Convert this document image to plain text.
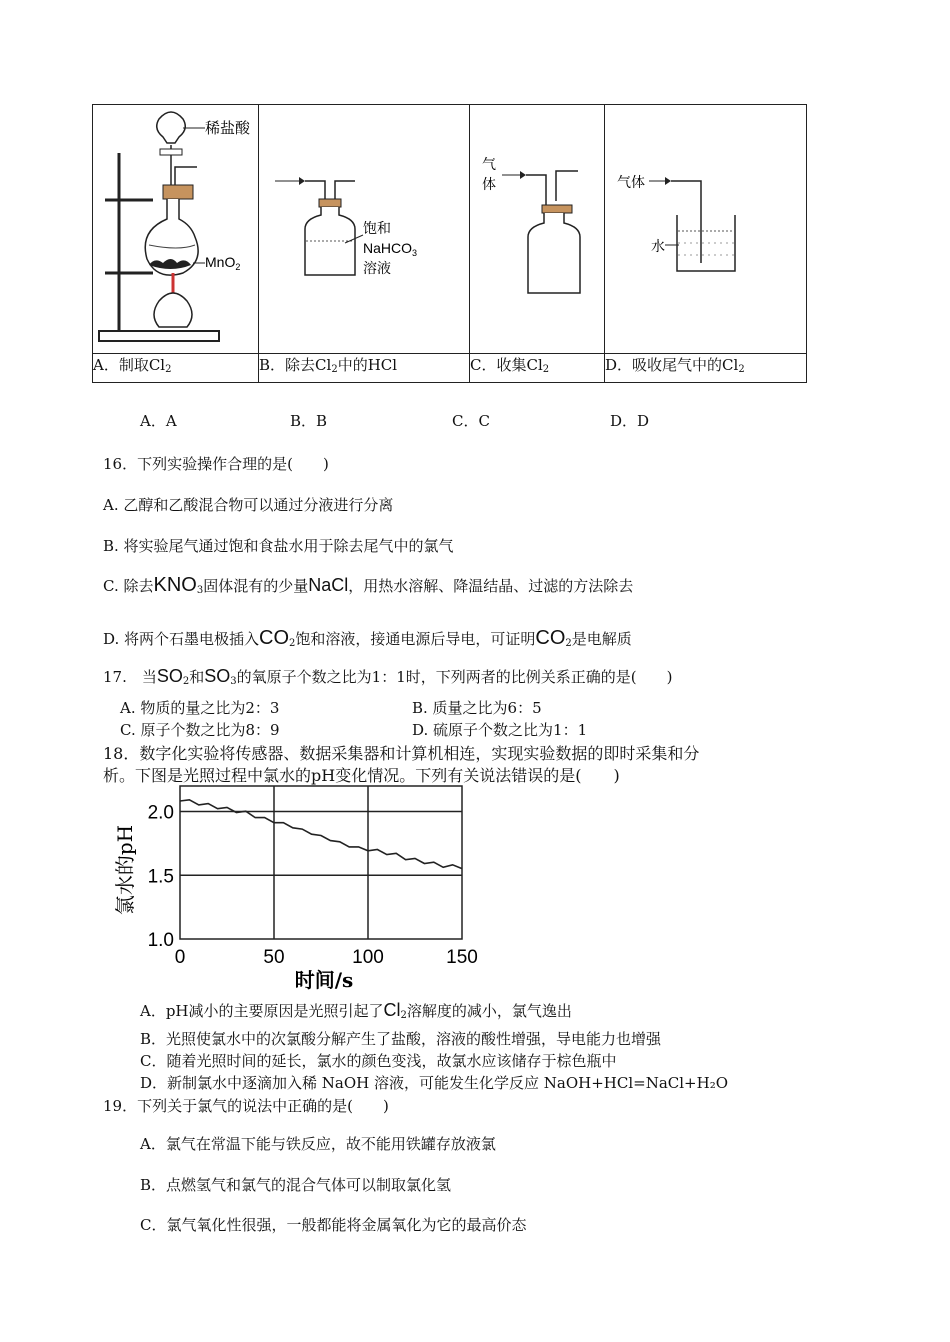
稀盐酸
MnO$_2$	饱和
NaHCO$_3$
溶液	气
体	气体
水

A．制取$Cl_2$	B．除去$Cl_2$中的HCl	C．收集$Cl_2$	D．吸收尾气中的$Cl_2$
A．A	B．B	C．C	D．D
16．下列实验操作合理的是(　　)
A. 乙醇和乙酸混合物可以通过分液进行分离
B. 将实验尾气通过饱和食盐水用于除去尾气中的氯气
C. 除去$KNO_3$固体混有的少量NaCl，用热水溶解、降温结晶、过滤的方法除去
D. 将两个石墨电极插入$CO_2$饱和溶液，接通电源后导电，可证明$CO_2$是电解质
17.　当$SO_2$和$SO_3$的氧原子个数之比为1：1时，下列两者的比例关系正确的是(　　)
A. 物质的量之比为2：3	B. 质量之比为6：5
C. 原子个数之比为8：9	D. 硫原子个数之比为1：1
18．数字化实验将传感器、数据采集器和计算机相连，实现实验数据的即时采集和分
析。下图是光照过程中氯水的pH变化情况。下列有关说法错误的是(　　)
0	50	100	150
1.0
1.5
2.0
氯水的pH
时间/s
A．pH减小的主要原因是光照引起了$Cl_2$溶解度的减小，氯气逸出
B．光照使氯水中的次氯酸分解产生了盐酸，溶液的酸性增强，导电能力也增强
C．随着光照时间的延长，氯水的颜色变浅，故氯水应该储存于棕色瓶中
D．新制氯水中逐滴加入稀 NaOH 溶液，可能发生化学反应 NaOH+HCl=NaCl+H₂O
19．下列关于氯气的说法中正确的是(　　)
A．氯气在常温下能与铁反应，故不能用铁罐存放液氯
B．点燃氢气和氯气的混合气体可以制取氯化氢
C．氯气氧化性很强，一般都能将金属氧化为它的最高价态
